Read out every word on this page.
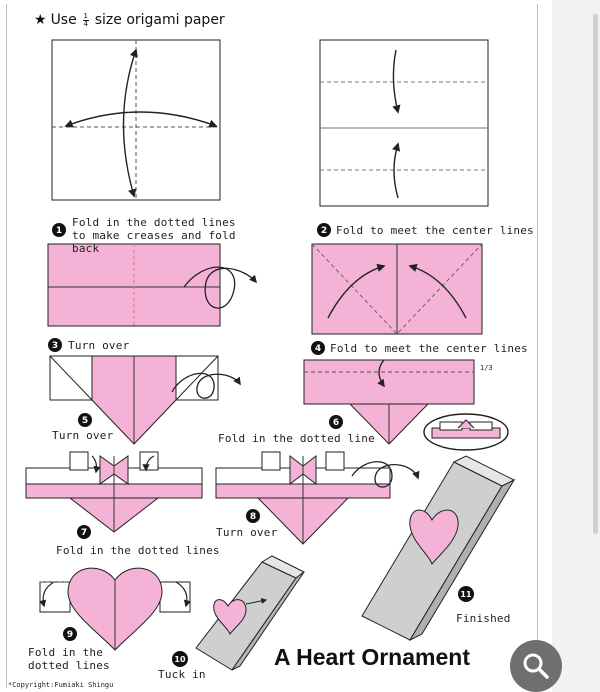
★ Use $\frac{1}{4}$ size origami paper
1	2
3	4
5	6
7
8
9
10
11
1/3
Fold in the dotted lines to make creases and fold back
Fold to meet the center lines
Turn over	Fold to meet the center lines
Turn over	Fold in the dotted line
Fold in the dotted lines
Turn over
Fold in the dotted lines
Tuck in
Finished
A Heart Ornament
*Copyright:Fumiaki Shingu
